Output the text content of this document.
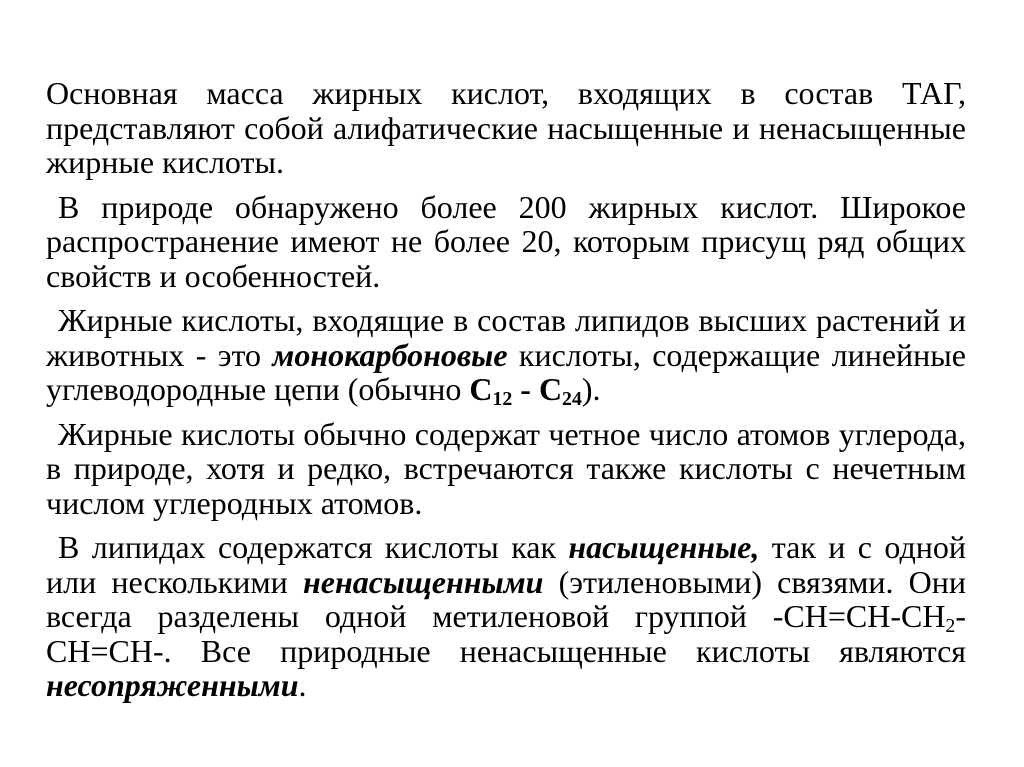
Основная масса жирных кислот, входящих в состав ТАГ, представляют собой алифатические насыщенные и ненасыщенные жирные кислоты.

В природе обнаружено более 200 жирных кислот. Широкое распространение имеют не более 20, которым присущ ряд общих свойств и особенностей.

Жирные кислоты, входящие в состав липидов высших растений и животных - это монокарбоновые кислоты, содержащие линейные углеводородные цепи (обычно $C_{12} - C_{24}$).

Жирные кислоты обычно содержат четное число атомов углерода, в природе, хотя и редко, встречаются также кислоты с нечетным числом углеродных атомов.

В липидах содержатся кислоты как насыщенные, так и с одной или несколькими ненасыщенными (этиленовыми) связями. Они всегда разделены одной метиленовой группой $-CH=CH-CH_2-CH=CH-$. Все природные ненасыщенные кислоты являются несопряженными.
